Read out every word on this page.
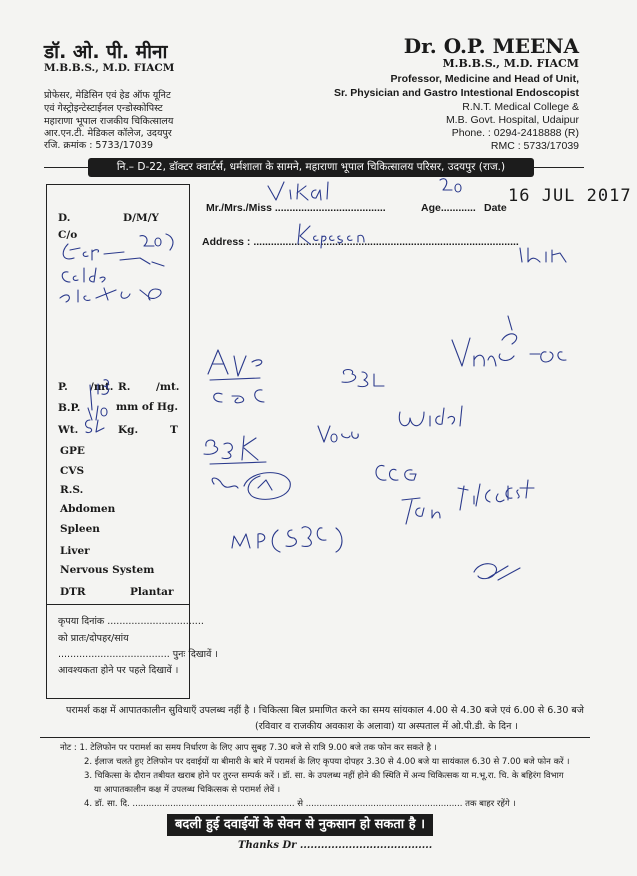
डॉ. ओ. पी. मीना
M.B.B.S., M.D. FIACM
प्रोफेसर, मेडिसिन एवं हेड ऑफ यूनिट
एवं गेस्ट्रोइन्टेस्टाईनल एन्डोस्कोपिस्ट
महाराणा भूपाल राजकीय चिकित्सालय
आर.एन.टी. मेडिकल कॉलेज, उदयपुर
रजि. क्रमांक : 5733/17039
Dr. O.P. MEENA
M.B.B.S., M.D. FIACM
Professor, Medicine and Head of Unit,
Sr. Physician and Gastro Intestional Endoscopist
R.N.T. Medical College &
M.B. Govt. Hospital, Udaipur
Phone. : 0294-2418888 (R)
RMC : 5733/17039
नि.– D-22, डॉक्टर क्वार्टर्स, धर्मशाला के सामने, महाराणा भूपाल चिकित्सालय परिसर, उदयपुर (राज.)
Mr./Mrs./Miss ......................................	Age............ Date
16 JUL 2017
Address : ...........................................................................................
D.	D/M/Y
C/o
P. /mt. R. /mt.
B.P.	mm of Hg.
Wt.	Kg.	T
GPE
CVS
R.S.
Abdomen
Spleen
Liver
Nervous System
DTR	Plantar
कृपया दिनांक ................................
को प्रातः/दोपहर/सांय
..................................... पुनः दिखावें ।
आवश्यकता होने पर पहले दिखावें ।
परामर्श कक्ष में आपातकालीन सुविधाएँ उपलब्ध नहीं है । चिकित्सा बिल प्रमाणित करने का समय सांयकाल 4.00 से 4.30 बजे एवं 6.00 से 6.30 बजे
(रविवार व राजकीय अवकाश के अलावा) या अस्पताल में ओ.पी.डी. के दिन ।
नोट : 1. टेलिफोन पर परामर्श का समय निर्धारण के लिए आप सुबह 7.30 बजे से रात्रि 9.00 बजे तक फोन कर सकते है ।
2. ईलाज चलते हुए टेलिफोन पर दवाईयों या बीमारी के बारे में परामर्श के लिए कृपया दोपहर 3.30 से 4.00 बजे या सायंकाल 6.30 से 7.00 बजे फोन करें ।
3. चिकित्सा के दौरान तबीयत खराब होने पर तुरन्त सम्पर्क करें । डॉ. सा. के उपलब्ध नहीं होने की स्थिति में अन्य चिकित्सक या म.भू.रा. चि. के बहिरंग विभाग
या आपातकालीन कक्ष में उपलब्ध चिकित्सक से परामर्श लेवें ।
4. डॉ. सा. दि. ............................................................ से .......................................................... तक बाहर रहेंगे ।
बदली हुई दवाईयों के सेवन से नुकसान हो सकता है ।
Thanks Dr ......................................
